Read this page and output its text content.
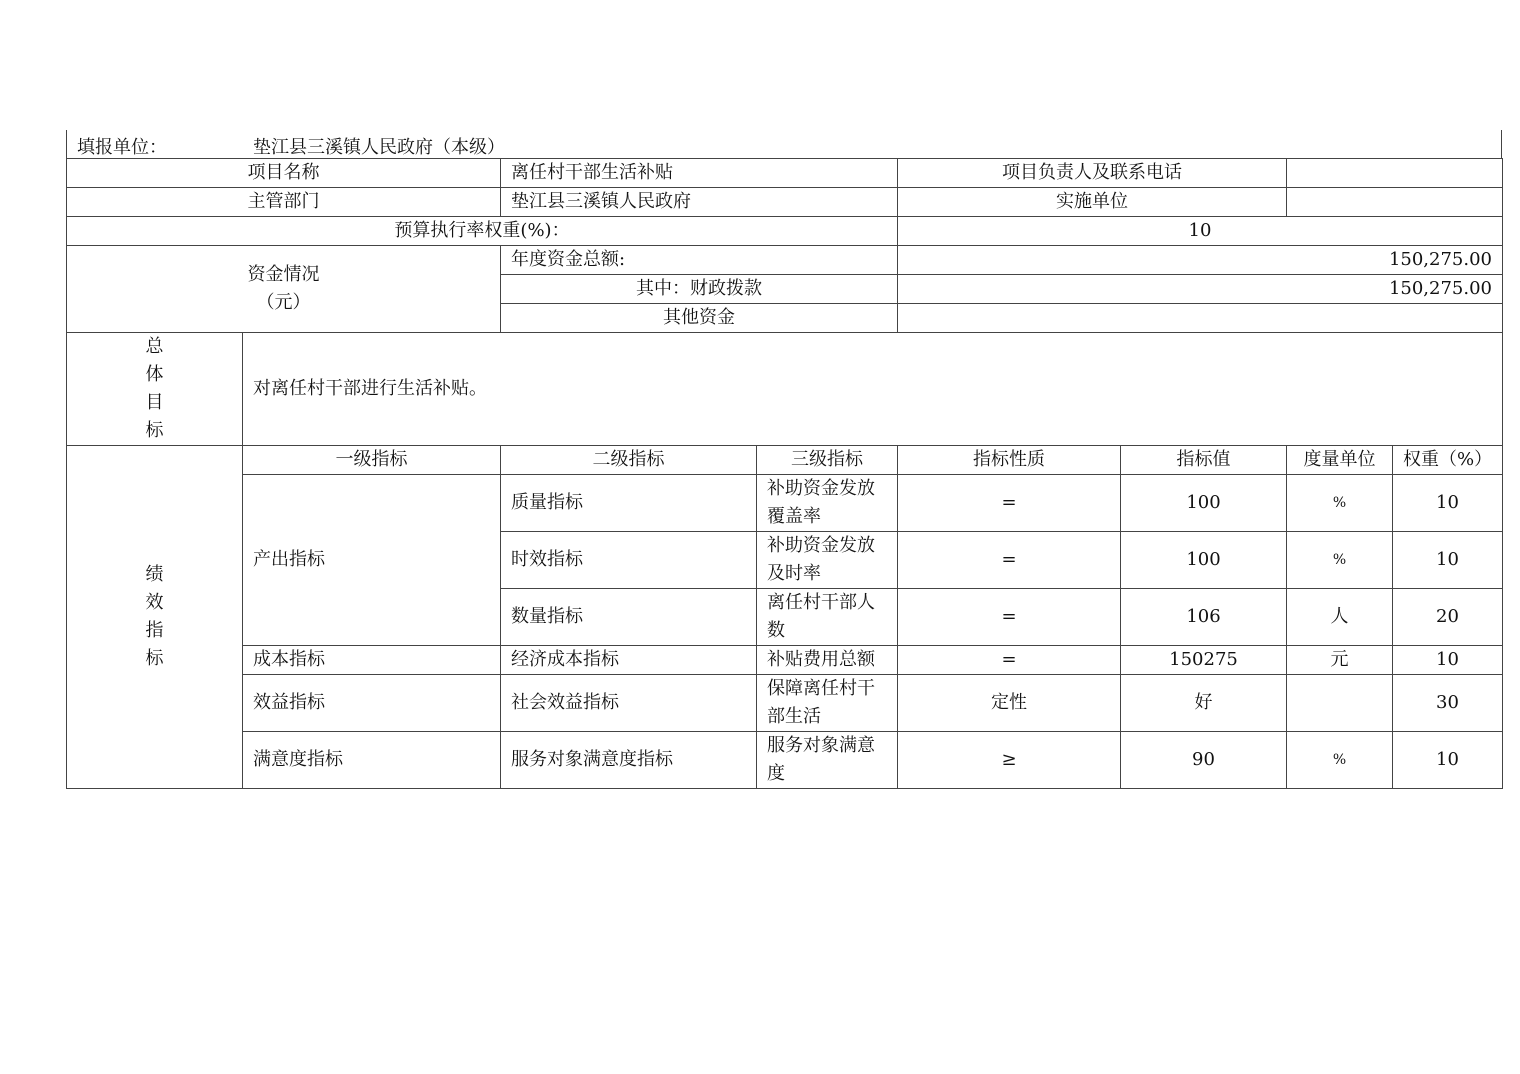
填报单位：	垫江县三溪镇人民政府（本级）
项目名称		离任村干部生活补贴		项目负责人及联系电话			
主管部门		垫江县三溪镇人民政府		实施单位			
预算执行率权重(%)：				10			

资金情况
（元）		年度资金总额:		150,275.00			
		其中：财政拨款		150,275.00			
		其他资金					

总
体
目
标	对离任村干部进行生活补贴。						

绩
效
指
标	一级指标	二级指标	三级指标	指标性质	指标值	度量单位	权重（%）
	产出指标	质量指标	补助资金发放覆盖率	=	100	%	10
		时效指标	补助资金发放及时率	=	100	%	10
		数量指标	离任村干部人数	=	106	人	20
	成本指标	经济成本指标	补贴费用总额	=	150275	元	10
	效益指标	社会效益指标	保障离任村干部生活	定性	好		30
	满意度指标	服务对象满意度指标	服务对象满意度	≥	90	%	10
